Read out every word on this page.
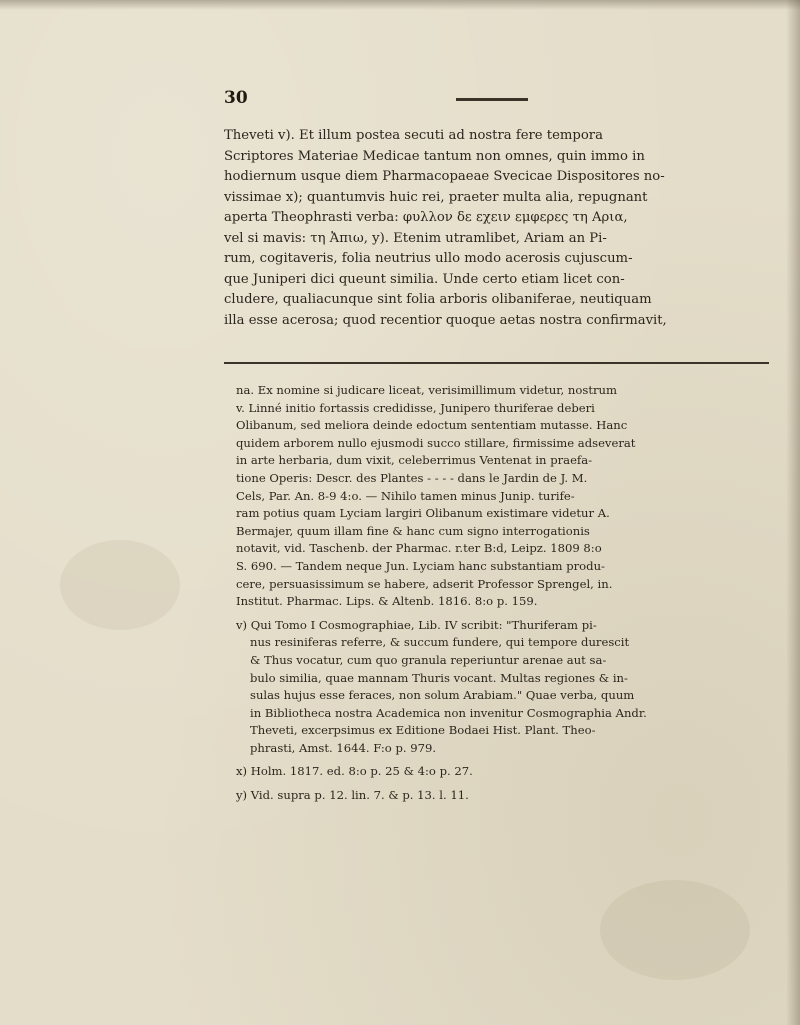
30
Theveti v). Et illum postea secuti ad nostra fere tempora
Scriptores Materiae Medicae tantum non omnes, quin immo in
hodiernum usque diem Pharmacopaeae Svecicae Dispositores no-
vissimae x); quantumvis huic rei, praeter multa alia, repugnant
aperta Theophrasti verba: φυλλον δε εχειν εμφερες τη Αρια,
vel si mavis: τη Ἀπιω, y). Etenim utramlibet, Ariam an Pi-
rum, cogitaveris, folia neutrius ullo modo acerosis cujuscum-
que Juniperi dici queunt similia. Unde certo etiam licet con-
cludere, qualiacunque sint folia arboris olibaniferae, neutiquam
illa esse acerosa; quod recentior quoque aetas nostra confirmavit,
na. Ex nomine si judicare liceat, verisimillimum videtur, nostrum
v. Linné initio fortassis credidisse, Junipero thuriferae deberi
Olibanum, sed meliora deinde edoctum sententiam mutasse. Hanc
quidem arborem nullo ejusmodi succo stillare, firmissime adseverat
in arte herbaria, dum vixit, celeberrimus Ventenat in praefa-
tione Operis: Descr. des Plantes - - - - dans le Jardin de J. M.
Cels, Par. An. 8-9 4:o. — Nihilo tamen minus Junip. turife-
ram potius quam Lyciam largiri Olibanum existimare videtur A.
Bermajer, quum illam fine & hanc cum signo interrogationis
notavit, vid. Taschenb. der Pharmac. r.ter B:d, Leipz. 1809 8:o
S. 690. — Tandem neque Jun. Lyciam hanc substantiam produ-
cere, persuasissimum se habere, adserit Professor Sprengel, in.
Institut. Pharmac. Lips. & Altenb. 1816. 8:o p. 159.
v) Qui Tomo I Cosmographiae, Lib. IV scribit: "Thuriferam pi-
nus resiniferas referre, & succum fundere, qui tempore durescit
& Thus vocatur, cum quo granula reperiuntur arenae aut sa-
bulo similia, quae mannam Thuris vocant. Multas regiones & in-
sulas hujus esse feraces, non solum Arabiam." Quae verba, quum
in Bibliotheca nostra Academica non invenitur Cosmographia Andr.
Theveti, excerpsimus ex Editione Bodaei Hist. Plant. Theo-
phrasti, Amst. 1644. F:o p. 979.
x) Holm. 1817. ed. 8:o p. 25 & 4:o p. 27.
y) Vid. supra p. 12. lin. 7. & p. 13. l. 11.
